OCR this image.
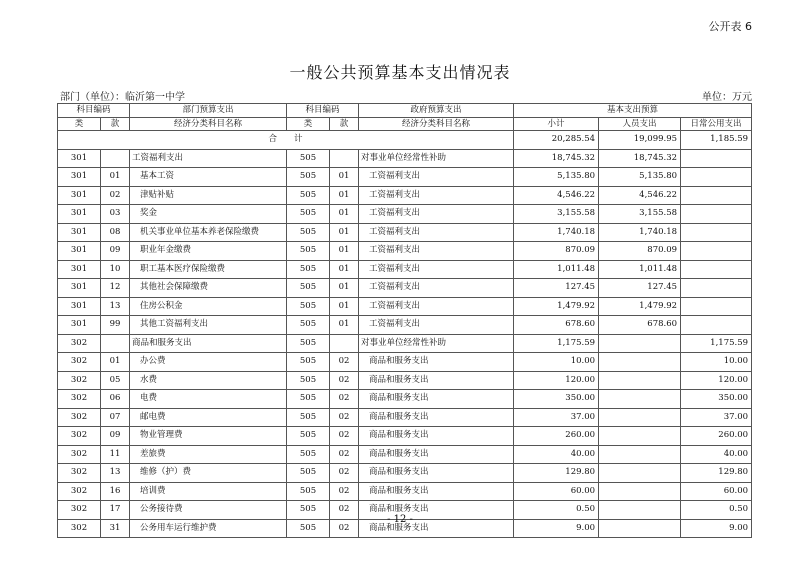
公开表 6
一般公共预算基本支出情况表
部门（单位）：临沂第一中学	单位：万元
科目编码		部门预算支出	科目编码		政府预算支出	基本支出预算		
类	款	经济分类科目名称	类	款	经济分类科目名称	小计	人员支出	日常公用支出
合　　计						20,285.54	19,099.95	1,185.59
301		工资福利支出	505		对事业单位经常性补助	18,745.32	18,745.32	
301	01	基本工资	505	01	工资福利支出	5,135.80	5,135.80	
301	02	津贴补贴	505	01	工资福利支出	4,546.22	4,546.22	
301	03	奖金	505	01	工资福利支出	3,155.58	3,155.58	
301	08	机关事业单位基本养老保险缴费	505	01	工资福利支出	1,740.18	1,740.18	
301	09	职业年金缴费	505	01	工资福利支出	870.09	870.09	
301	10	职工基本医疗保险缴费	505	01	工资福利支出	1,011.48	1,011.48	
301	12	其他社会保障缴费	505	01	工资福利支出	127.45	127.45	
301	13	住房公积金	505	01	工资福利支出	1,479.92	1,479.92	
301	99	其他工资福利支出	505	01	工资福利支出	678.60	678.60	
302		商品和服务支出	505		对事业单位经常性补助	1,175.59		1,175.59
302	01	办公费	505	02	商品和服务支出	10.00		10.00
302	05	水费	505	02	商品和服务支出	120.00		120.00
302	06	电费	505	02	商品和服务支出	350.00		350.00
302	07	邮电费	505	02	商品和服务支出	37.00		37.00
302	09	物业管理费	505	02	商品和服务支出	260.00		260.00
302	11	差旅费	505	02	商品和服务支出	40.00		40.00
302	13	维修（护）费	505	02	商品和服务支出	129.80		129.80
302	16	培训费	505	02	商品和服务支出	60.00		60.00
302	17	公务接待费	505	02	商品和服务支出	0.50		0.50
302	31	公务用车运行维护费	505	02	商品和服务支出	9.00		9.00
- 12 -
